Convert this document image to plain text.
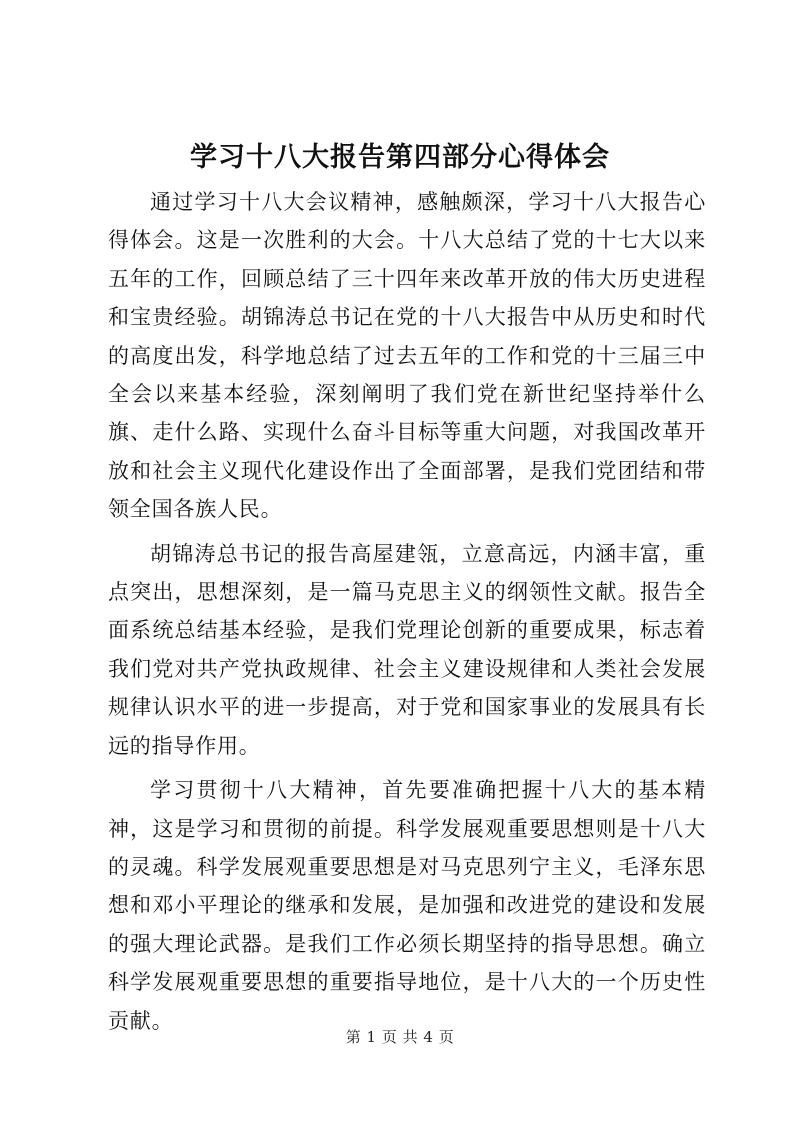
学习十八大报告第四部分心得体会

通过学习十八大会议精神，感触颇深，学习十八大报告心得体会。这是一次胜利的大会。十八大总结了党的十七大以来五年的工作，回顾总结了三十四年来改革开放的伟大历史进程和宝贵经验。胡锦涛总书记在党的十八大报告中从历史和时代的高度出发，科学地总结了过去五年的工作和党的十三届三中全会以来基本经验，深刻阐明了我们党在新世纪坚持举什么旗、走什么路、实现什么奋斗目标等重大问题，对我国改革开放和社会主义现代化建设作出了全面部署，是我们党团结和带领全国各族人民。

胡锦涛总书记的报告高屋建瓴，立意高远，内涵丰富，重点突出，思想深刻，是一篇马克思主义的纲领性文献。报告全面系统总结基本经验，是我们党理论创新的重要成果，标志着我们党对共产党执政规律、社会主义建设规律和人类社会发展规律认识水平的进一步提高，对于党和国家事业的发展具有长远的指导作用。

学习贯彻十八大精神，首先要准确把握十八大的基本精神，这是学习和贯彻的前提。科学发展观重要思想则是十八大的灵魂。科学发展观重要思想是对马克思列宁主义，毛泽东思想和邓小平理论的继承和发展，是加强和改进党的建设和发展的强大理论武器。是我们工作必须长期坚持的指导思想。确立科学发展观重要思想的重要指导地位，是十八大的一个历史性贡献。

第 1 页 共 4 页
